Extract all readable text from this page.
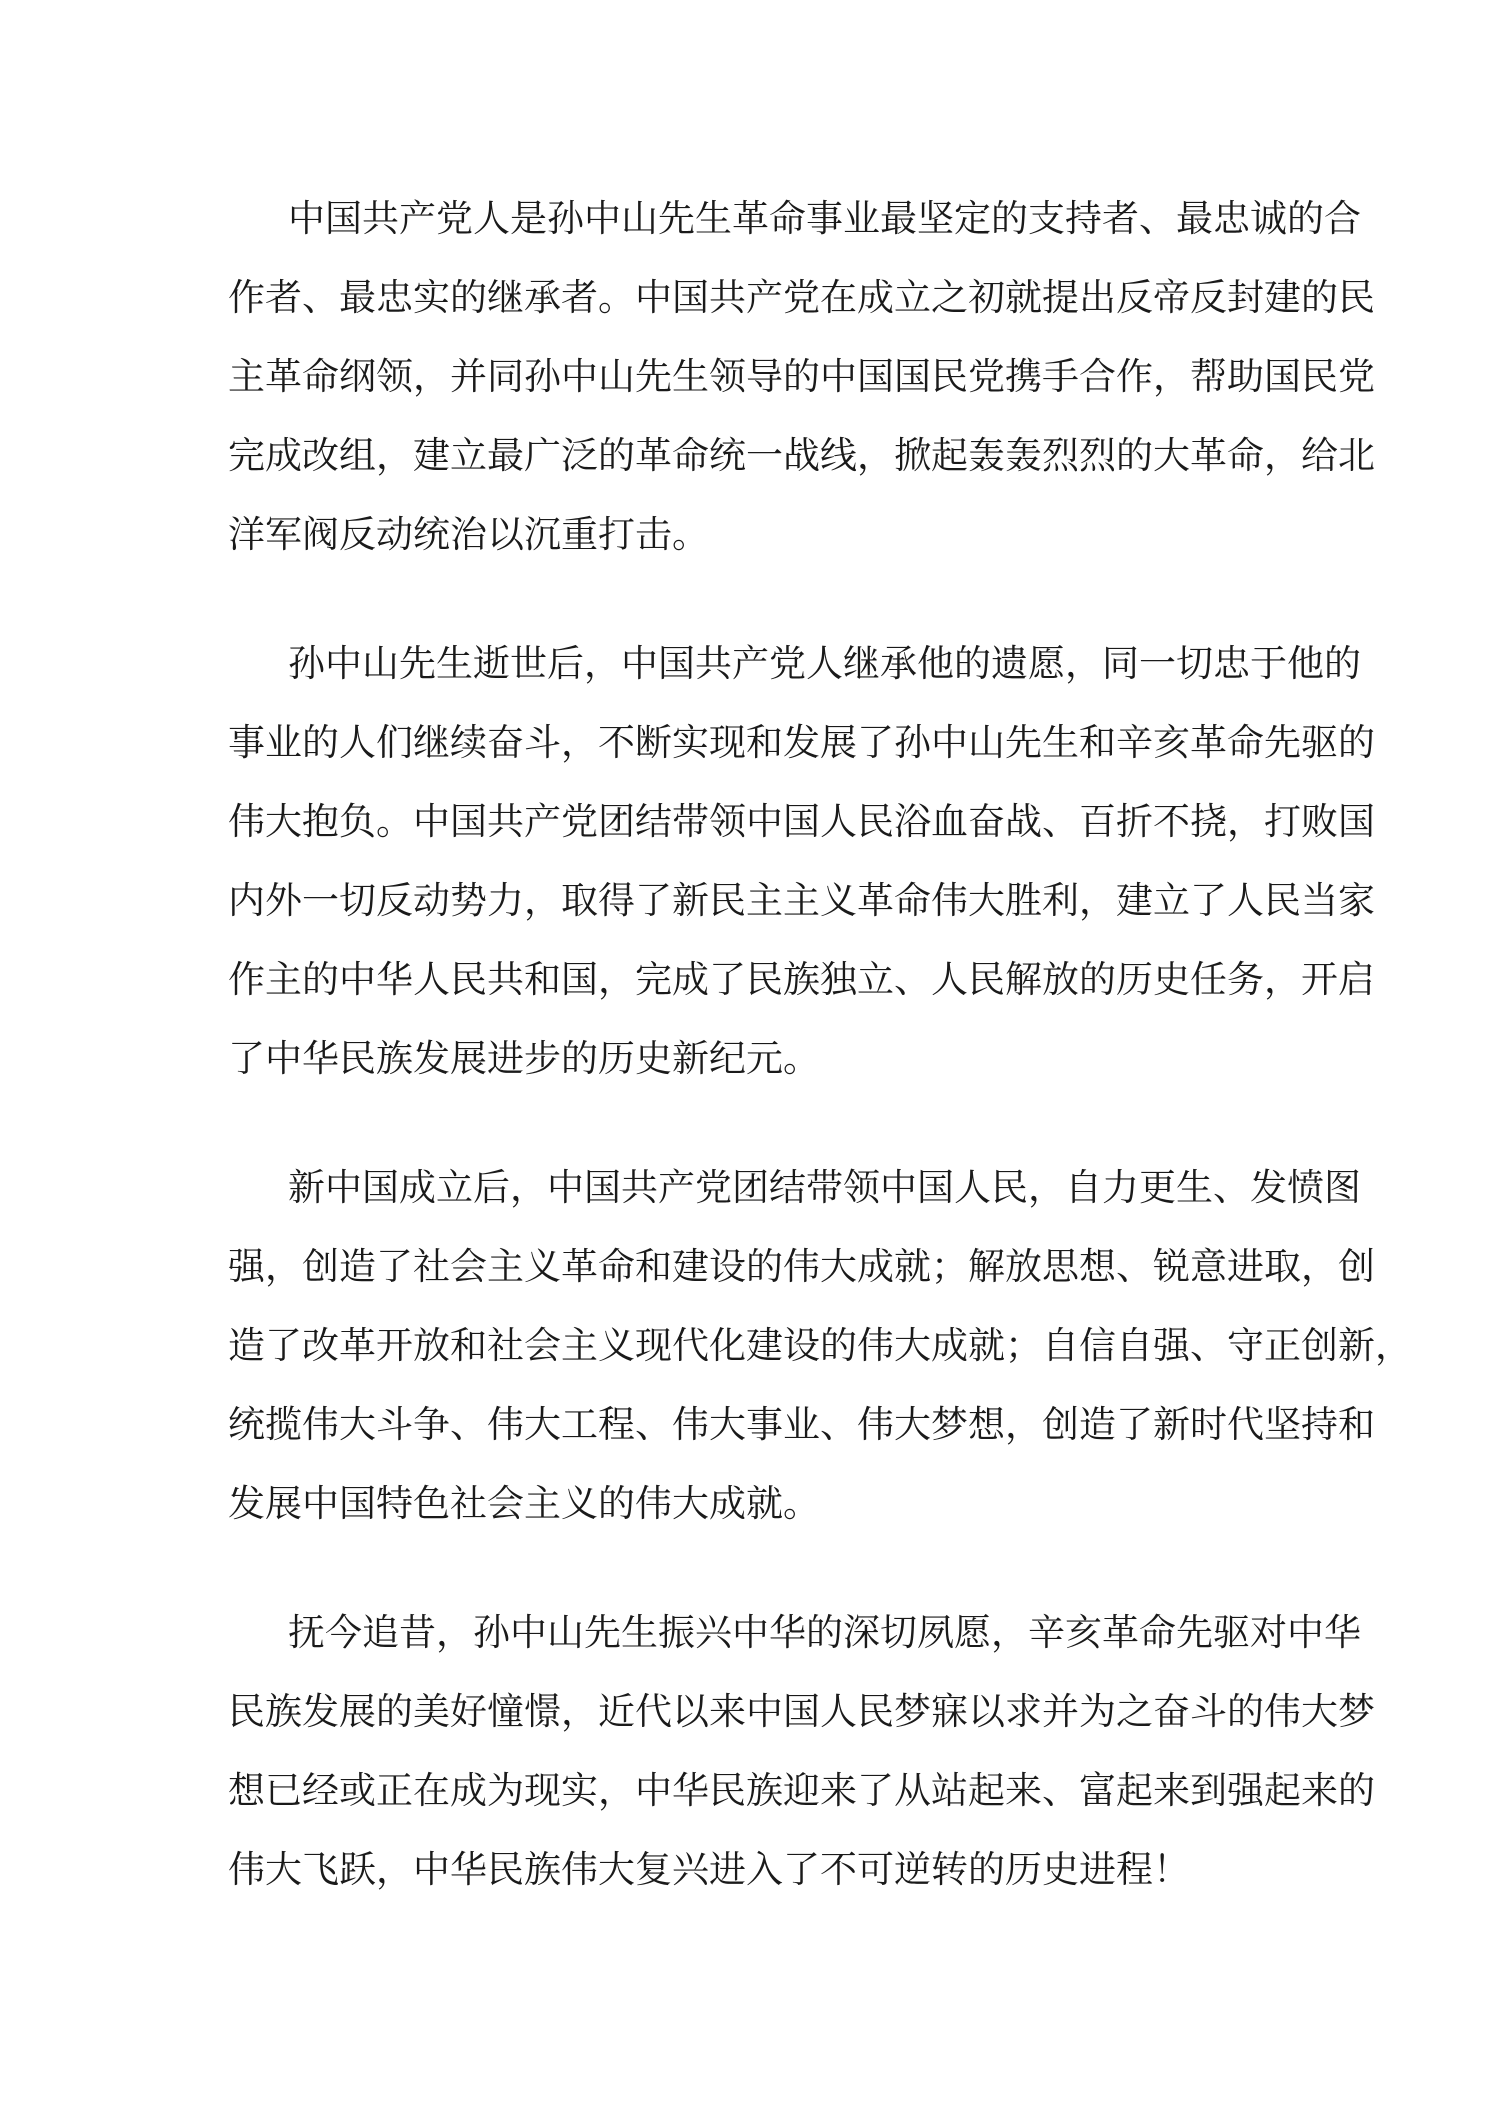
中国共产党人是孙中山先生革命事业最坚定的支持者、最忠诚的合
作者、最忠实的继承者。中国共产党在成立之初就提出反帝反封建的民
主革命纲领，并同孙中山先生领导的中国国民党携手合作，帮助国民党
完成改组，建立最广泛的革命统一战线，掀起轰轰烈烈的大革命，给北
洋军阀反动统治以沉重打击。
孙中山先生逝世后，中国共产党人继承他的遗愿，同一切忠于他的
事业的人们继续奋斗，不断实现和发展了孙中山先生和辛亥革命先驱的
伟大抱负。中国共产党团结带领中国人民浴血奋战、百折不挠，打败国
内外一切反动势力，取得了新民主主义革命伟大胜利，建立了人民当家
作主的中华人民共和国，完成了民族独立、人民解放的历史任务，开启
了中华民族发展进步的历史新纪元。
新中国成立后，中国共产党团结带领中国人民，自力更生、发愤图
强，创造了社会主义革命和建设的伟大成就；解放思想、锐意进取，创
造了改革开放和社会主义现代化建设的伟大成就；自信自强、守正创新，
统揽伟大斗争、伟大工程、伟大事业、伟大梦想，创造了新时代坚持和
发展中国特色社会主义的伟大成就。
抚今追昔，孙中山先生振兴中华的深切夙愿，辛亥革命先驱对中华
民族发展的美好憧憬，近代以来中国人民梦寐以求并为之奋斗的伟大梦
想已经或正在成为现实，中华民族迎来了从站起来、富起来到强起来的
伟大飞跃，中华民族伟大复兴进入了不可逆转的历史进程！
